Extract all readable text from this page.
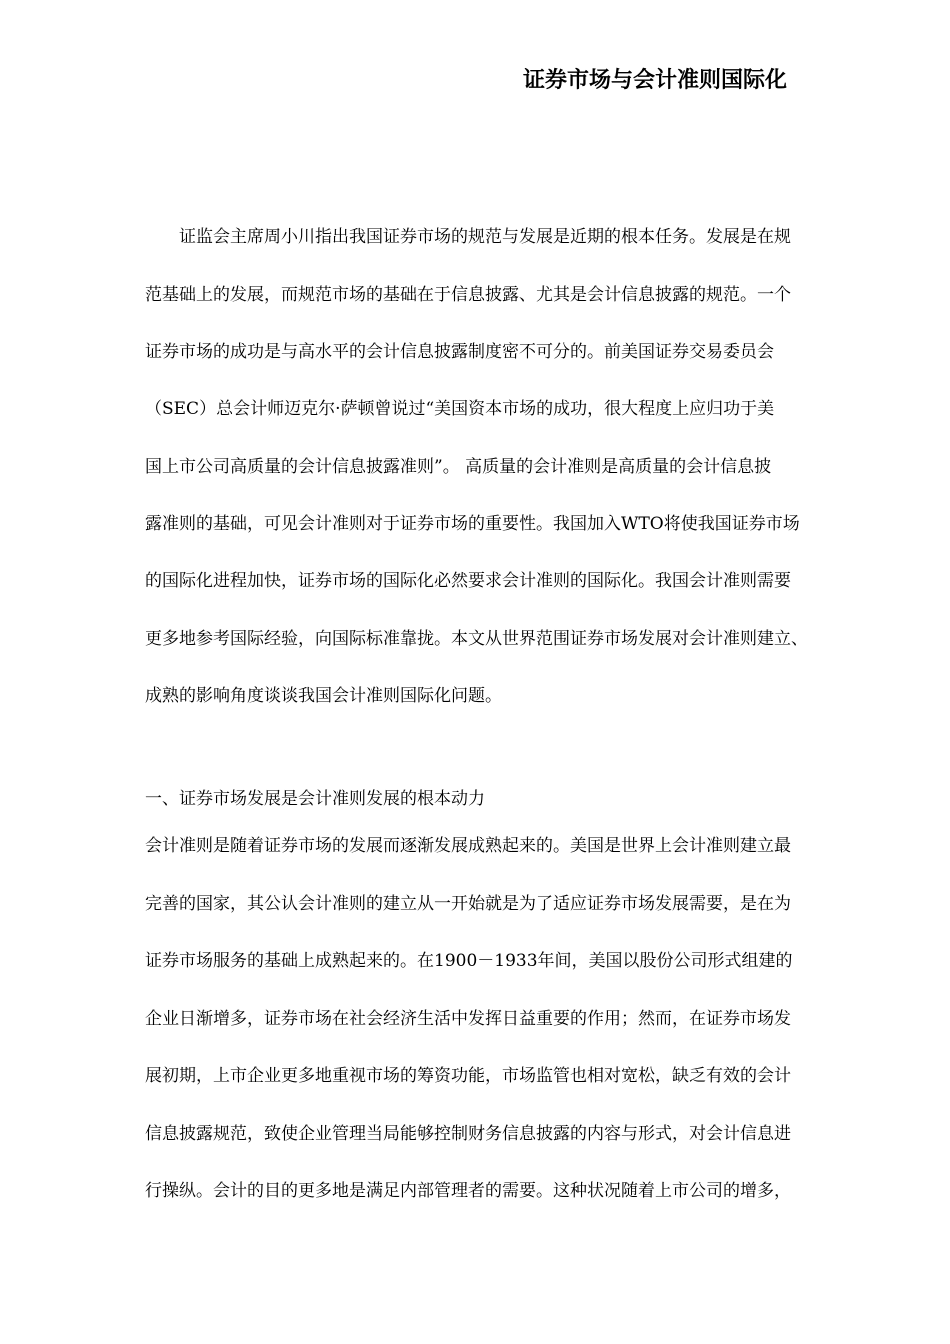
证券市场与会计准则国际化
　　证监会主席周小川指出我国证券市场的规范与发展是近期的根本任务。发展是在规
范基础上的发展，而规范市场的基础在于信息披露、尤其是会计信息披露的规范。一个
证券市场的成功是与高水平的会计信息披露制度密不可分的。前美国证券交易委员会
（SEC）总会计师迈克尔·萨顿曾说过“美国资本市场的成功，很大程度上应归功于美
国上市公司高质量的会计信息披露准则”。 高质量的会计准则是高质量的会计信息披
露准则的基础，可见会计准则对于证券市场的重要性。我国加入WTO将使我国证券市场
的国际化进程加快，证券市场的国际化必然要求会计准则的国际化。我国会计准则需要
更多地参考国际经验，向国际标准靠拢。本文从世界范围证券市场发展对会计准则建立、
成熟的影响角度谈谈我国会计准则国际化问题。
一、证券市场发展是会计准则发展的根本动力
会计准则是随着证券市场的发展而逐渐发展成熟起来的。美国是世界上会计准则建立最
完善的国家，其公认会计准则的建立从一开始就是为了适应证券市场发展需要，是在为
证券市场服务的基础上成熟起来的。在1900－1933年间，美国以股份公司形式组建的
企业日渐增多，证券市场在社会经济生活中发挥日益重要的作用；然而，在证券市场发
展初期，上市企业更多地重视市场的筹资功能，市场监管也相对宽松，缺乏有效的会计
信息披露规范，致使企业管理当局能够控制财务信息披露的内容与形式，对会计信息进
行操纵。会计的目的更多地是满足内部管理者的需要。这种状况随着上市公司的增多，
